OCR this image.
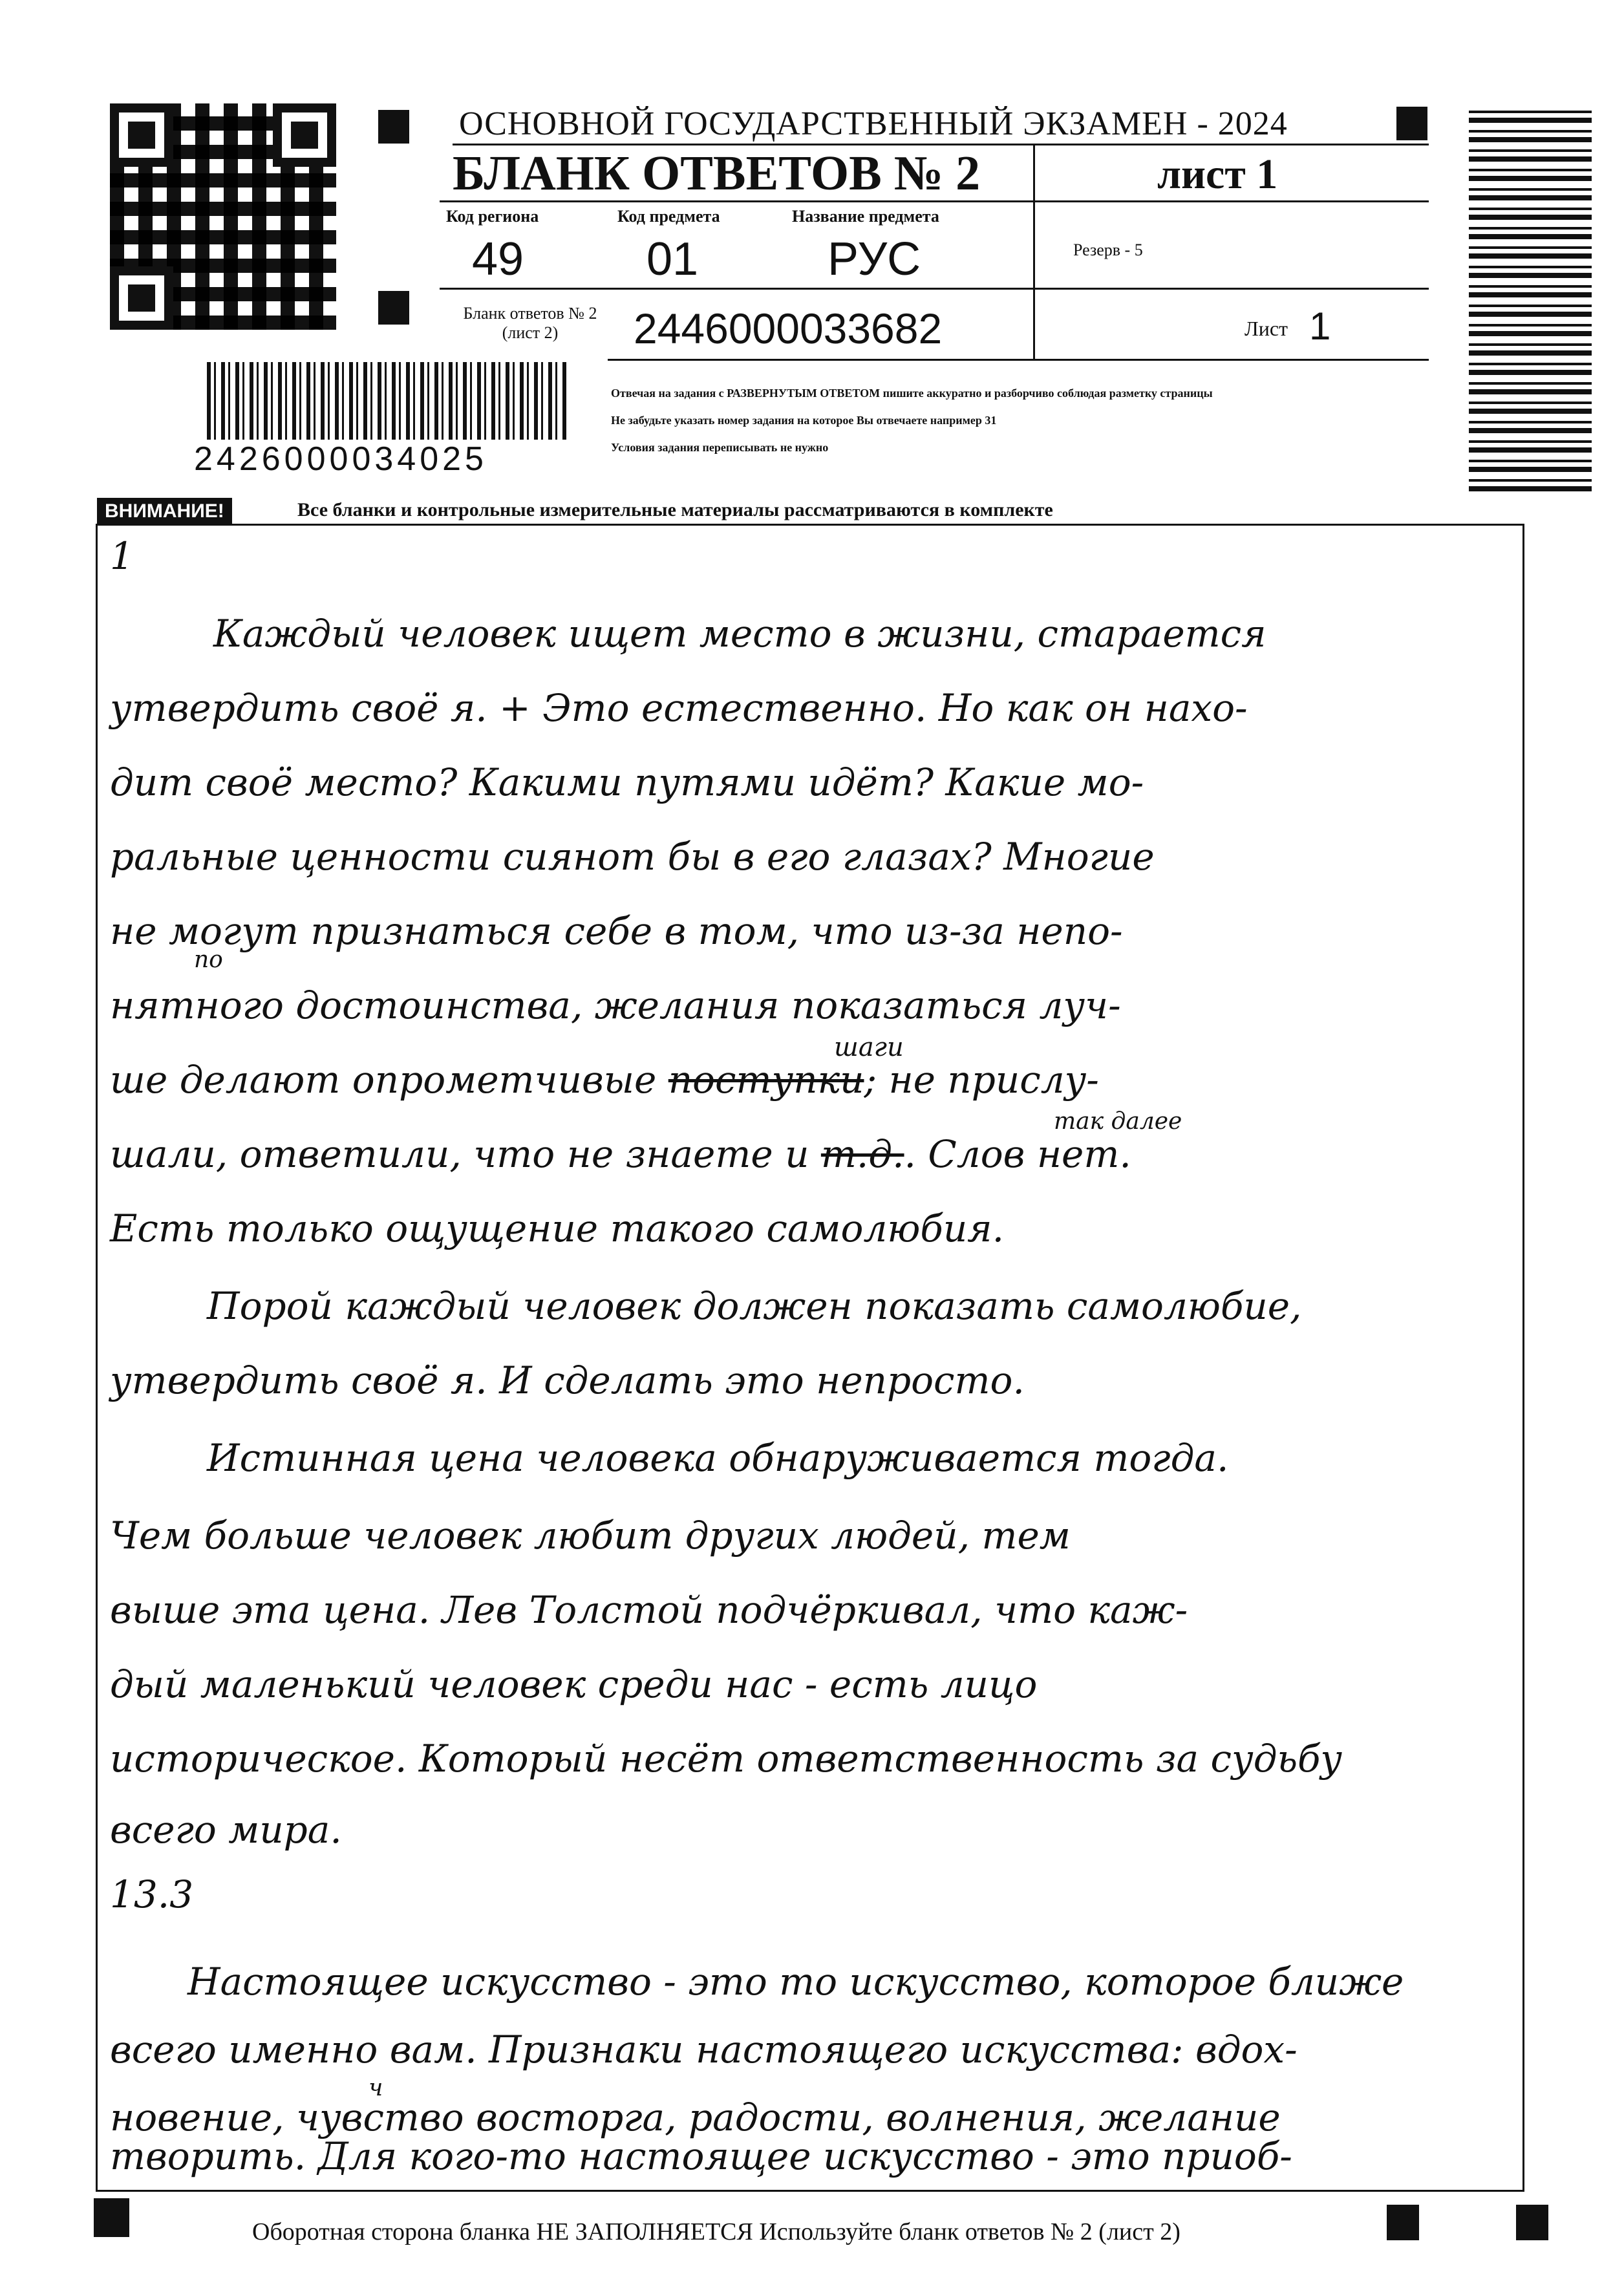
ОСНОВНОЙ ГОСУДАРСТВЕННЫЙ ЭКЗАМЕН - 2024
БЛАНК ОТВЕТОВ № 2	лист 1
Код региона
49
Код предмета
01
Название предмета
РУС	Резерв - 5
Бланк ответов № 2
(лист 2)	2446000033682	Лист 1
2426000034025
Отвечая на задания с РАЗВЕРНУТЫМ ОТВЕТОМ пишите аккуратно и разборчиво соблюдая разметку страницы
Не забудьте указать номер задания на которое Вы отвечаете например 31
Условия задания переписывать не нужно
ВНИМАНИЕ!	Все бланки и контрольные измерительные материалы рассматриваются в комплекте
1
Каждый человек ищет место в жизни, старается
утвердить своё я. + Это естественно. Но как он нахо-
дит своё место? Какими путями идёт? Какие мо-
ральные ценности сиянот бы в его глазах? Многие
не могут признаться себе в том, что из-за непо-
по
нятного достоинства, желания показаться луч-
шаги
ше делают опрометчивые поступки; не прислу-
так далее
шали, ответили, что не знаете и т.д.. Слов нет.
Есть только ощущение такого самолюбия.
Порой каждый человек должен показать самолюбие,
утвердить своё я. И сделать это непросто.
Истинная цена человека обнаруживается тогда.
Чем больше человек любит других людей, тем
выше эта цена. Лев Толстой подчёркивал, что каж-
дый маленький человек среди нас - есть лицо
историческое. Который несёт ответственность за судьбу
всего мира.
13.3
Настоящее искусство - это то искусство, которое ближе
всего именно вам. Признаки настоящего искусства: вдох-
ч
новение, чувство восторга, радости, волнения, желание
творить. Для кого-то настоящее искусство - это приоб-
Оборотная сторона бланка НЕ ЗАПОЛНЯЕТСЯ Используйте бланк ответов № 2 (лист 2)
